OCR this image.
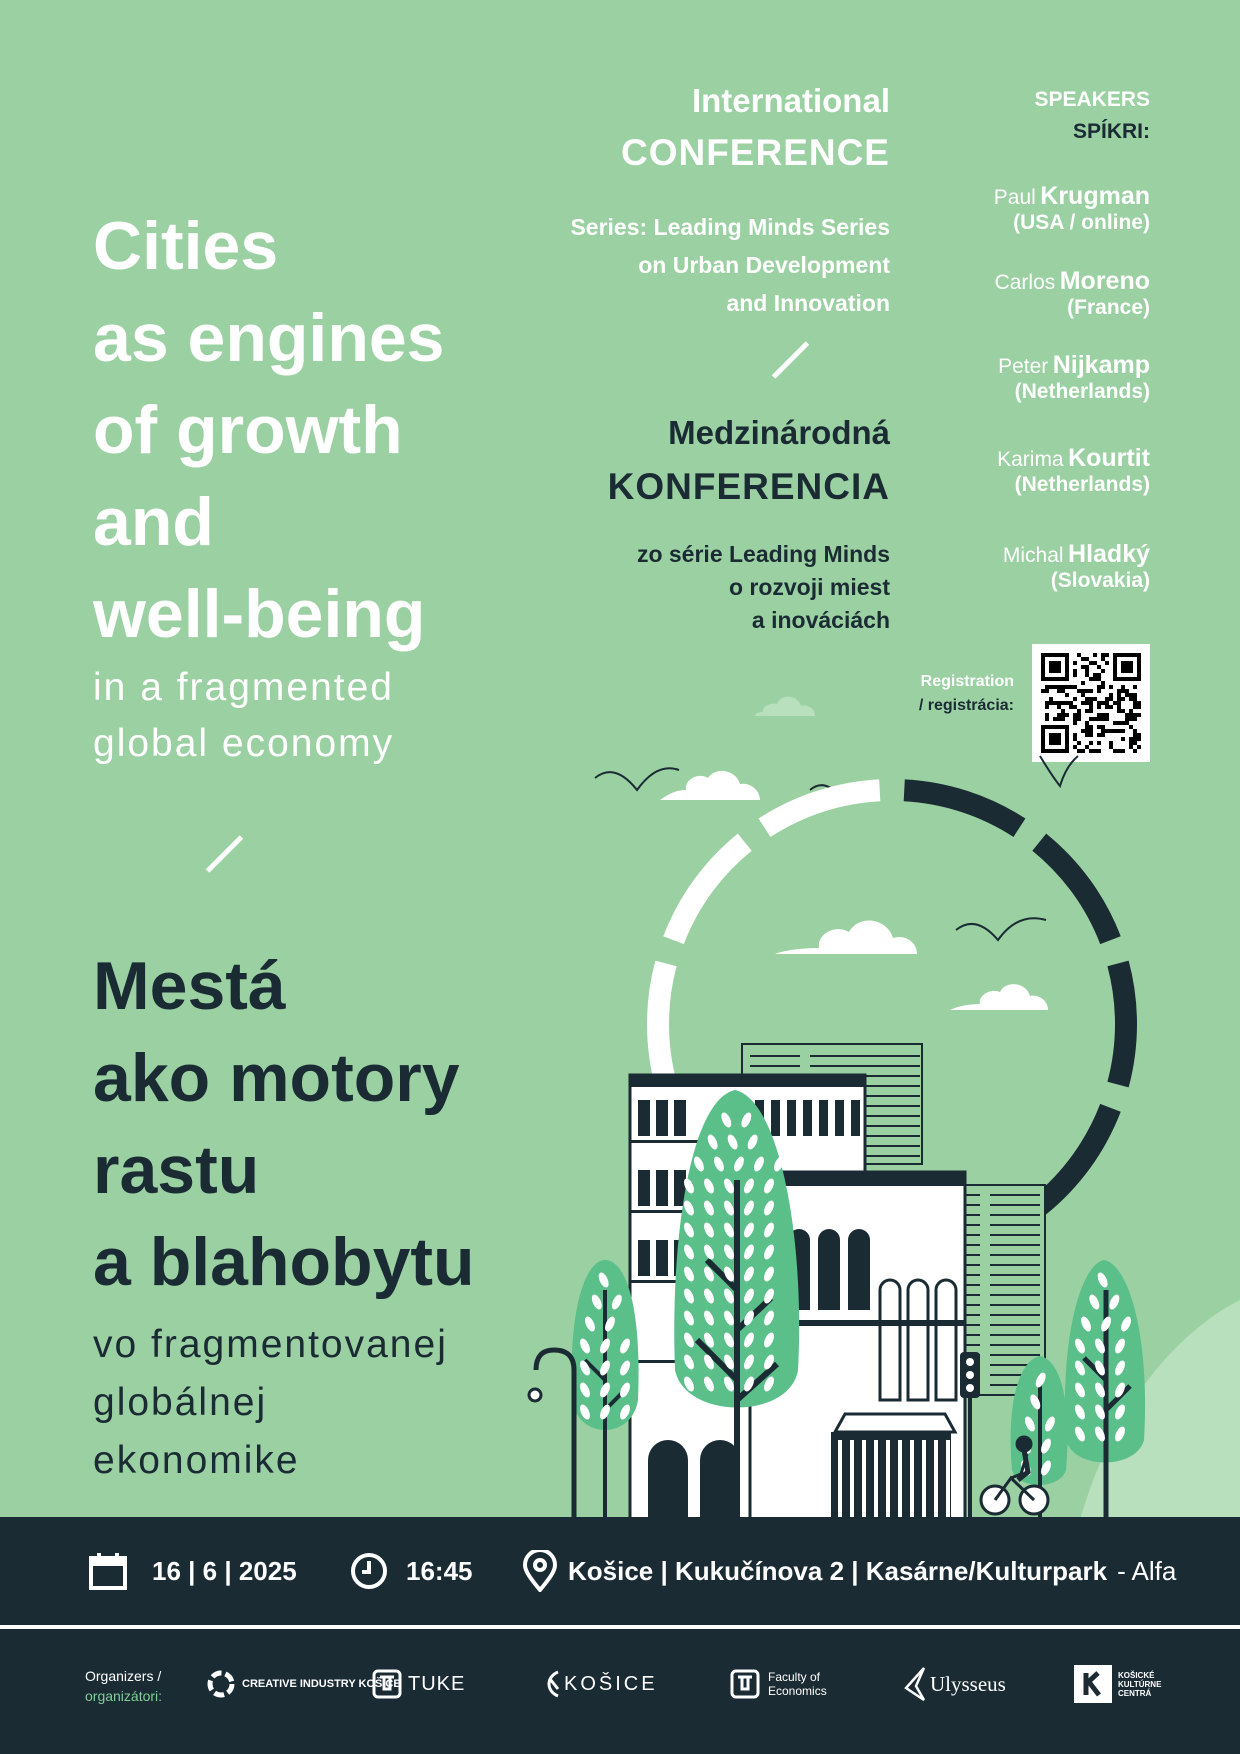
Cities
as engines
of growth
and
well-being
in a fragmented
global economy
Mestá
ako motory
rastu
a blahobytu
vo fragmentovanej
globálnej
ekonomike
International
CONFERENCE
Series: Leading Minds Series
on Urban Development
and Innovation
Medzinárodná
KONFERENCIA
zo série Leading Minds
o rozvoji miest
a inováciách
SPEAKERS
SPÍKRI:
Paul Krugman
(USA / online)
Carlos Moreno
(France)
Peter Nijkamp
(Netherlands)
Karima Kourtit
(Netherlands)
Michal Hladký
(Slovakia)
Registration
/ registrácia:
16 | 6 | 2025	16:45	Košice | Kukučínova 2 | Kasárne/Kulturpark - Alfa
Organizers /
organizátori:
CREATIVE INDUSTRY KOŠICE TUKE	KOŠICE	Faculty of Economics	Ulysseus	KOŠICKÉ KULTÚRNE CENTRÁ
